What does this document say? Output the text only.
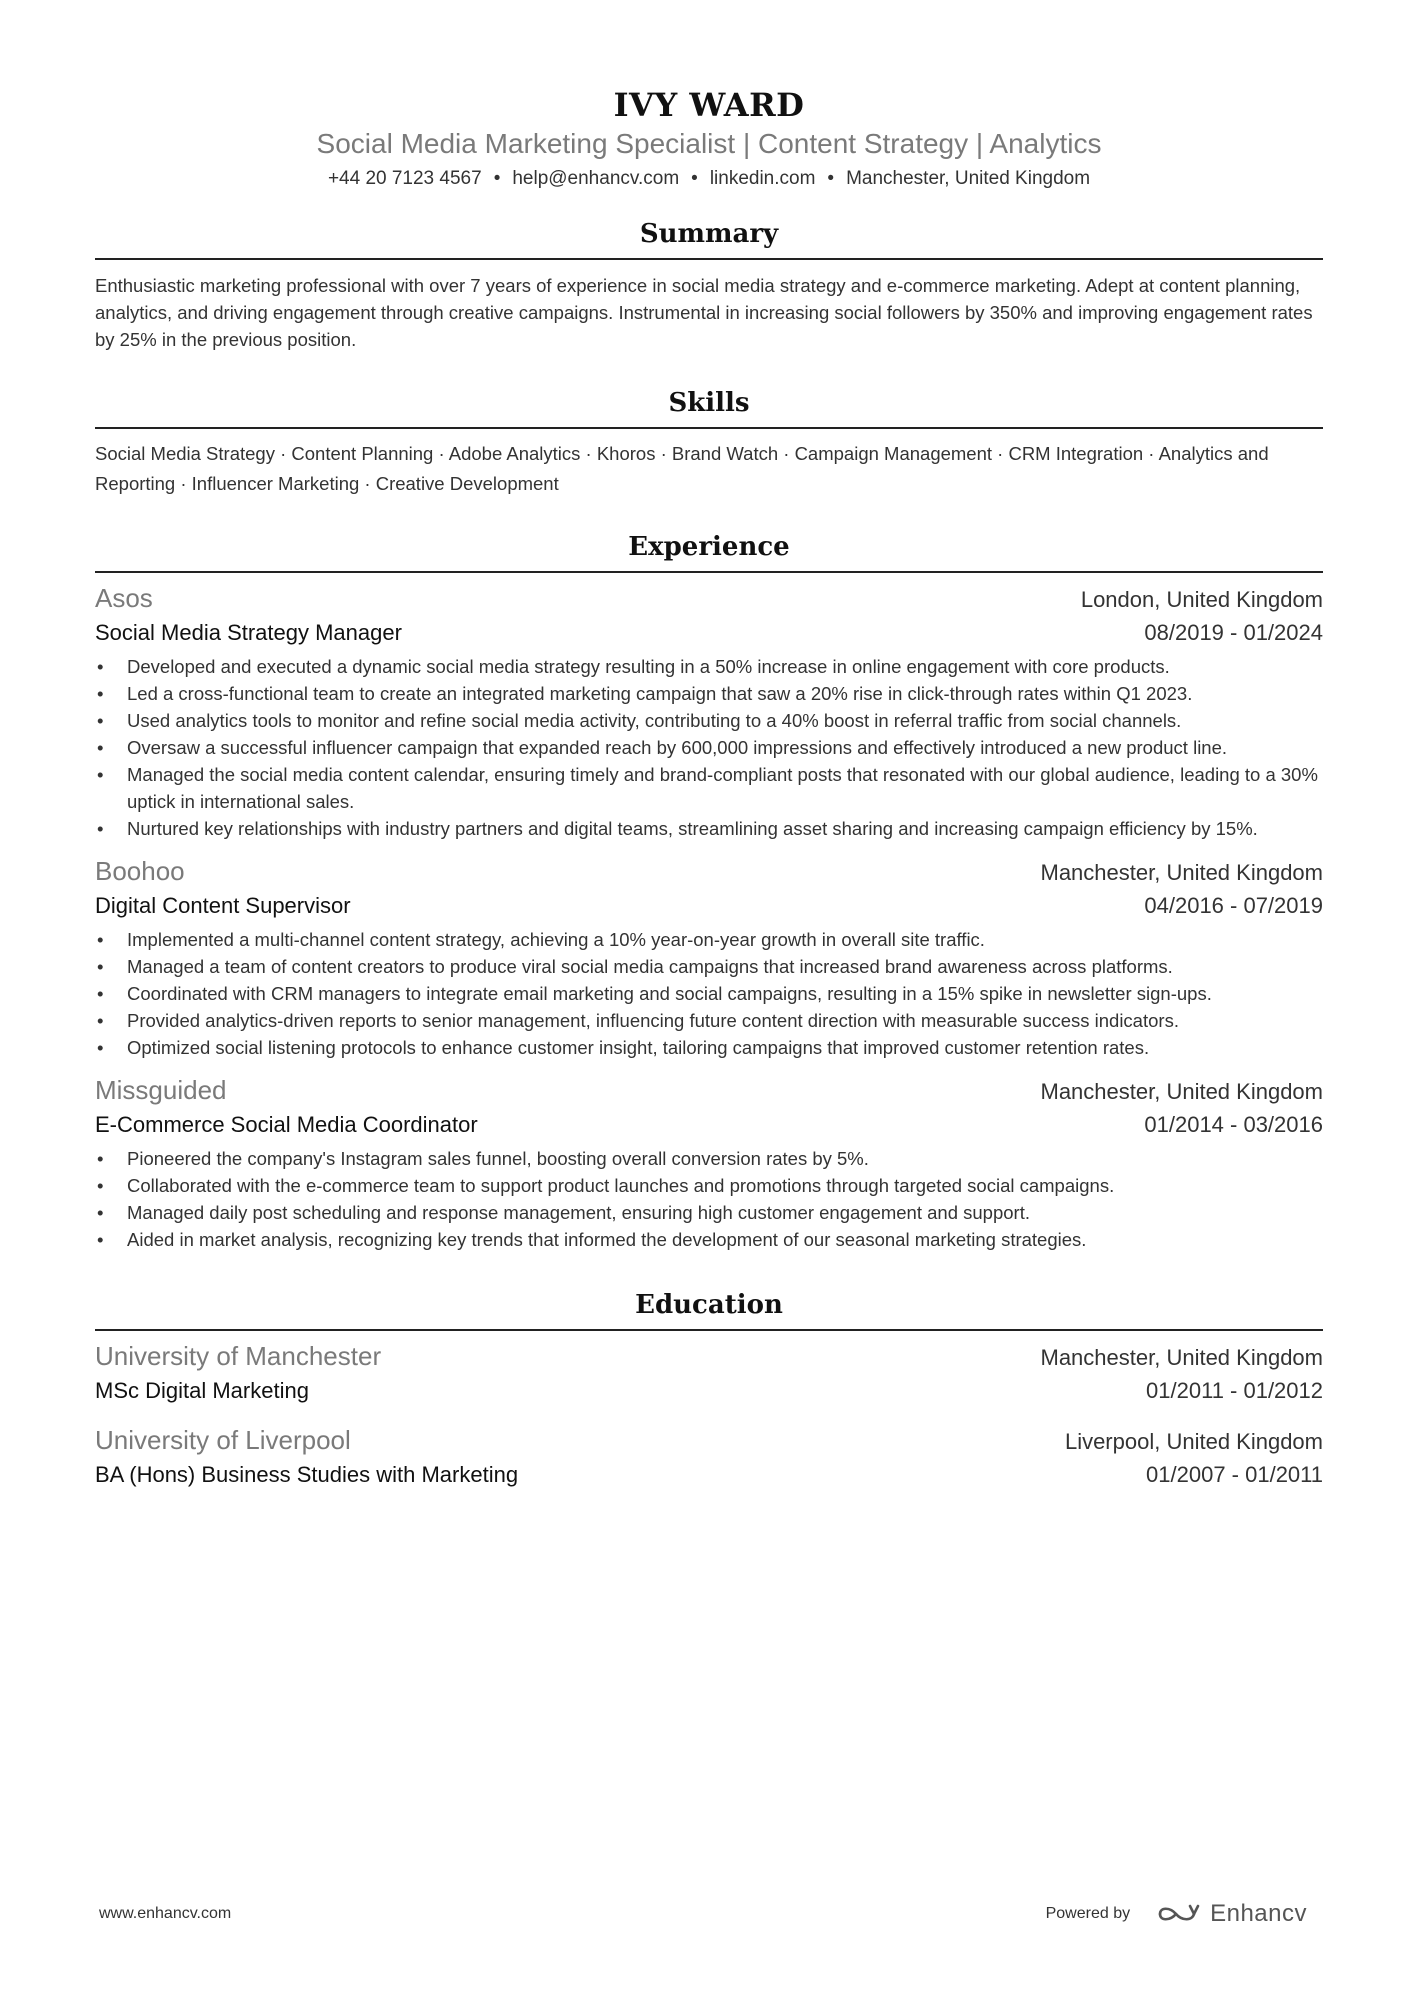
IVY WARD
Social Media Marketing Specialist | Content Strategy | Analytics
+44 20 7123 4567 • help@enhancv.com • linkedin.com • Manchester, United Kingdom
Summary
Enthusiastic marketing professional with over 7 years of experience in social media strategy and e-commerce marketing. Adept at content planning, analytics, and driving engagement through creative campaigns. Instrumental in increasing social followers by 350% and improving engagement rates by 25% in the previous position.
Skills
Social Media Strategy · Content Planning · Adobe Analytics · Khoros · Brand Watch · Campaign Management · CRM Integration · Analytics and Reporting · Influencer Marketing · Creative Development
Experience
Asos	London, United Kingdom
Social Media Strategy Manager	08/2019 - 01/2024
• Developed and executed a dynamic social media strategy resulting in a 50% increase in online engagement with core products.
• Led a cross-functional team to create an integrated marketing campaign that saw a 20% rise in click-through rates within Q1 2023.
• Used analytics tools to monitor and refine social media activity, contributing to a 40% boost in referral traffic from social channels.
• Oversaw a successful influencer campaign that expanded reach by 600,000 impressions and effectively introduced a new product line.
• Managed the social media content calendar, ensuring timely and brand-compliant posts that resonated with our global audience, leading to a 30% uptick in international sales.
• Nurtured key relationships with industry partners and digital teams, streamlining asset sharing and increasing campaign efficiency by 15%.
Boohoo	Manchester, United Kingdom
Digital Content Supervisor	04/2016 - 07/2019
• Implemented a multi-channel content strategy, achieving a 10% year-on-year growth in overall site traffic.
• Managed a team of content creators to produce viral social media campaigns that increased brand awareness across platforms.
• Coordinated with CRM managers to integrate email marketing and social campaigns, resulting in a 15% spike in newsletter sign-ups.
• Provided analytics-driven reports to senior management, influencing future content direction with measurable success indicators.
• Optimized social listening protocols to enhance customer insight, tailoring campaigns that improved customer retention rates.
Missguided	Manchester, United Kingdom
E-Commerce Social Media Coordinator	01/2014 - 03/2016
• Pioneered the company's Instagram sales funnel, boosting overall conversion rates by 5%.
• Collaborated with the e-commerce team to support product launches and promotions through targeted social campaigns.
• Managed daily post scheduling and response management, ensuring high customer engagement and support.
• Aided in market analysis, recognizing key trends that informed the development of our seasonal marketing strategies.
Education
University of Manchester	Manchester, United Kingdom
MSc Digital Marketing	01/2011 - 01/2012
University of Liverpool	Liverpool, United Kingdom
BA (Hons) Business Studies with Marketing	01/2007 - 01/2011
www.enhancv.com	Powered by	Enhancv
